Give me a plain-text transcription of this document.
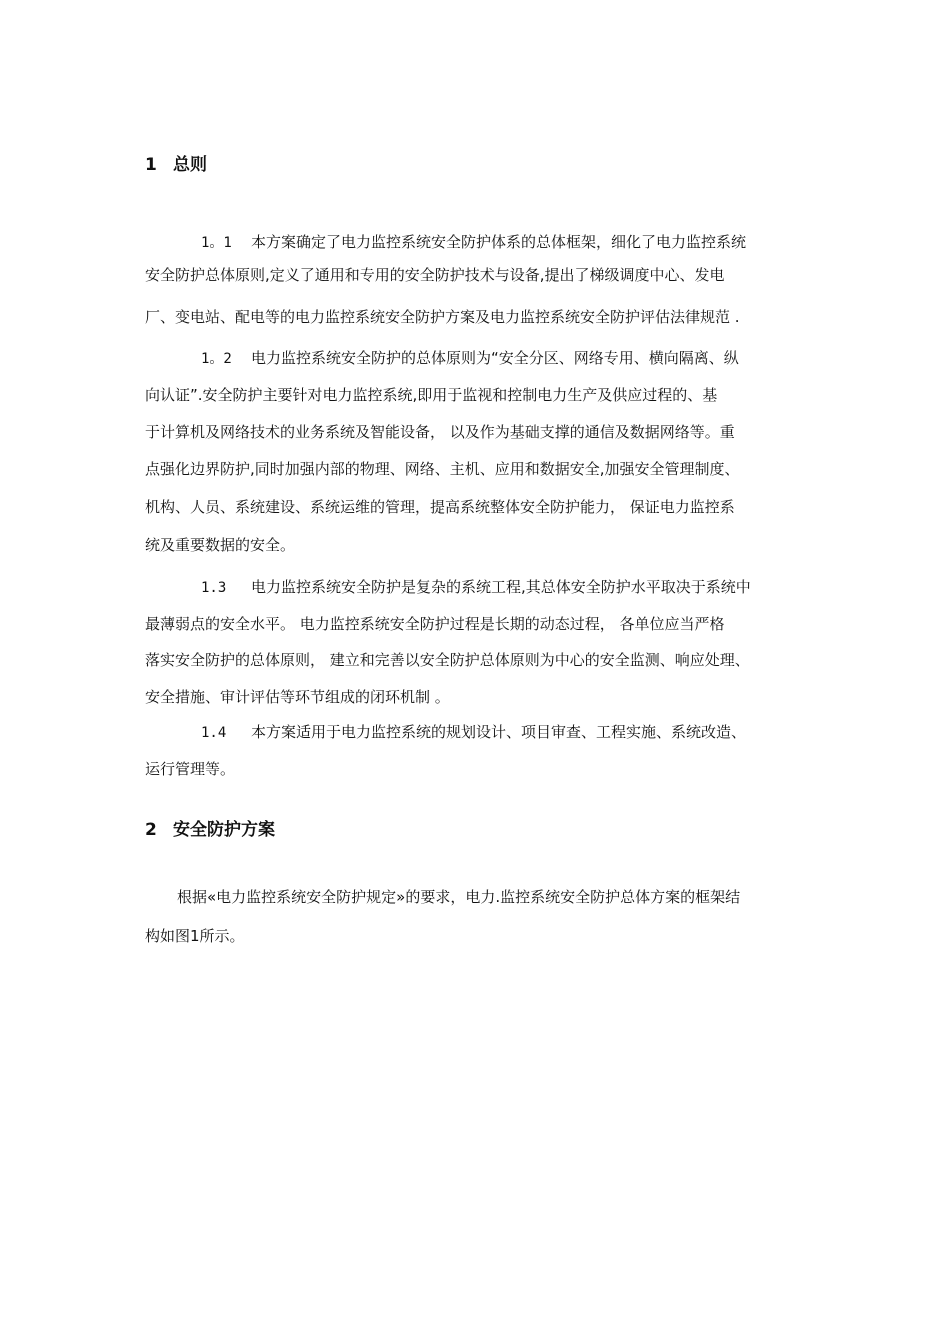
1 总则
1。1 本方案确定了电力监控系统安全防护体系的总体框架，细化了电力监控系统
安全防护总体原则,定义了通用和专用的安全防护技术与设备,提出了梯级调度中心、发电
厂、变电站、配电等的电力监控系统安全防护方案及电力监控系统安全防护评估法律规范 .
1。2 电力监控系统安全防护的总体原则为“安全分区、网络专用、横向隔离、纵
向认证”.安全防护主要针对电力监控系统,即用于监视和控制电力生产及供应过程的、基
于计算机及网络技术的业务系统及智能设备， 以及作为基础支撑的通信及数据网络等。重
点强化边界防护,同时加强内部的物理、网络、主机、应用和数据安全,加强安全管理制度、
机构、人员、系统建设、系统运维的管理，提高系统整体安全防护能力， 保证电力监控系
统及重要数据的安全。
1.3 电力监控系统安全防护是复杂的系统工程,其总体安全防护水平取决于系统中
最薄弱点的安全水平。 电力监控系统安全防护过程是长期的动态过程， 各单位应当严格
落实安全防护的总体原则， 建立和完善以安全防护总体原则为中心的安全监测、响应处理、
安全措施、审计评估等环节组成的闭环机制 。
1.4 本方案适用于电力监控系统的规划设计、项目审查、工程实施、系统改造、
运行管理等。
2 安全防护方案
根据«电力监控系统安全防护规定»的要求，电力.监控系统安全防护总体方案的框架结
构如图1所示。
